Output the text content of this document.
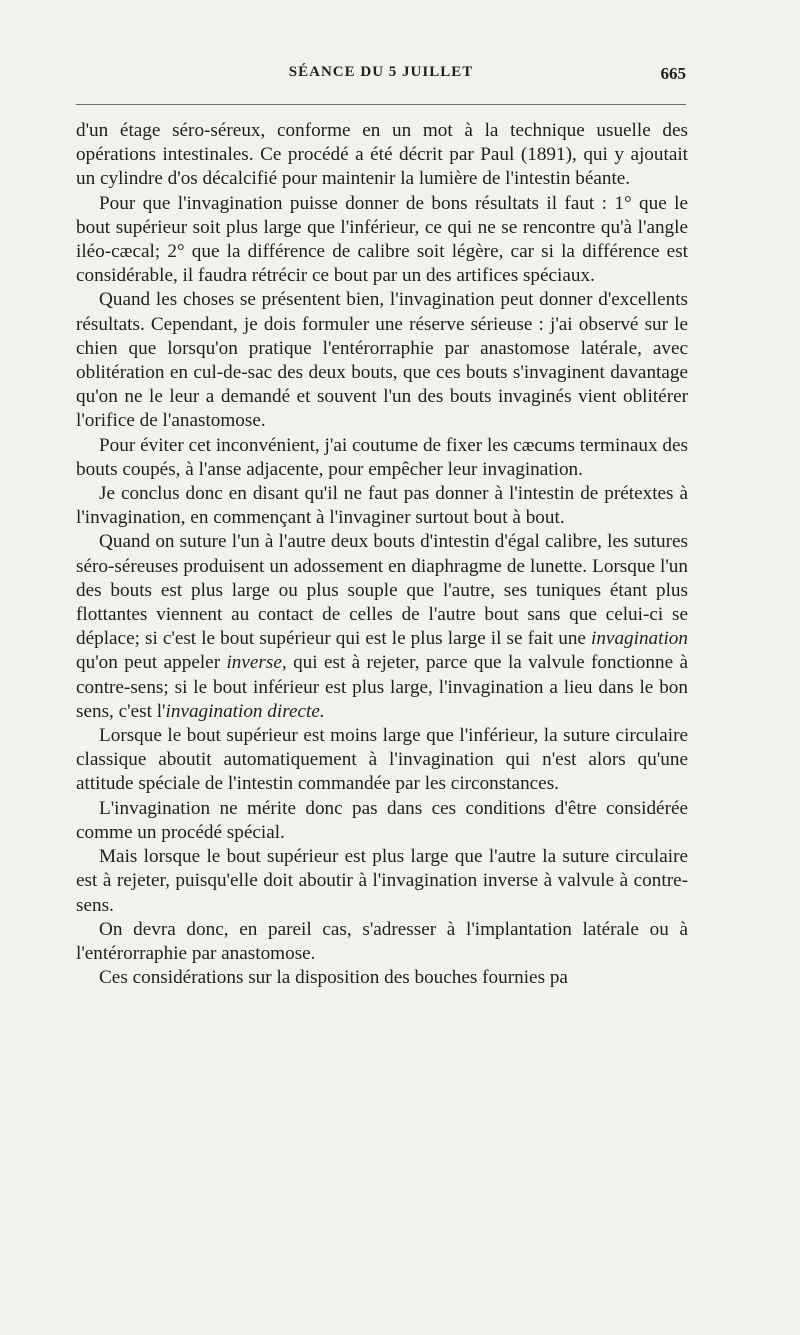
SÉANCE DU 5 JUILLET	665

d'un étage séro-séreux, conforme en un mot à la technique usuelle des opérations intestinales. Ce procédé a été décrit par Paul (1891), qui y ajoutait un cylindre d'os décalcifié pour maintenir la lumière de l'intestin béante.

Pour que l'invagination puisse donner de bons résultats il faut : 1° que le bout supérieur soit plus large que l'inférieur, ce qui ne se rencontre qu'à l'angle iléo-cæcal; 2° que la différence de calibre soit légère, car si la différence est considérable, il faudra rétrécir ce bout par un des artifices spéciaux.

Quand les choses se présentent bien, l'invagination peut donner d'excellents résultats. Cependant, je dois formuler une réserve sérieuse : j'ai observé sur le chien que lorsqu'on pratique l'entérorraphie par anastomose latérale, avec oblitération en cul-de-sac des deux bouts, que ces bouts s'invaginent davantage qu'on ne le leur a demandé et souvent l'un des bouts invaginés vient oblitérer l'orifice de l'anastomose.

Pour éviter cet inconvénient, j'ai coutume de fixer les cæcums terminaux des bouts coupés, à l'anse adjacente, pour empêcher leur invagination.

Je conclus donc en disant qu'il ne faut pas donner à l'intestin de prétextes à l'invagination, en commençant à l'invaginer surtout bout à bout.

Quand on suture l'un à l'autre deux bouts d'intestin d'égal calibre, les sutures séro-séreuses produisent un adossement en diaphragme de lunette. Lorsque l'un des bouts est plus large ou plus souple que l'autre, ses tuniques étant plus flottantes viennent au contact de celles de l'autre bout sans que celui-ci se déplace; si c'est le bout supérieur qui est le plus large il se fait une invagination qu'on peut appeler inverse, qui est à rejeter, parce que la valvule fonctionne à contre-sens; si le bout inférieur est plus large, l'invagination a lieu dans le bon sens, c'est l'invagination directe.

Lorsque le bout supérieur est moins large que l'inférieur, la suture circulaire classique aboutit automatiquement à l'invagination qui n'est alors qu'une attitude spéciale de l'intestin commandée par les circonstances.

L'invagination ne mérite donc pas dans ces conditions d'être considérée comme un procédé spécial.

Mais lorsque le bout supérieur est plus large que l'autre la suture circulaire est à rejeter, puisqu'elle doit aboutir à l'invagination inverse à valvule à contre-sens.

On devra donc, en pareil cas, s'adresser à l'implantation latérale ou à l'entérorraphie par anastomose.

Ces considérations sur la disposition des bouches fournies pa
